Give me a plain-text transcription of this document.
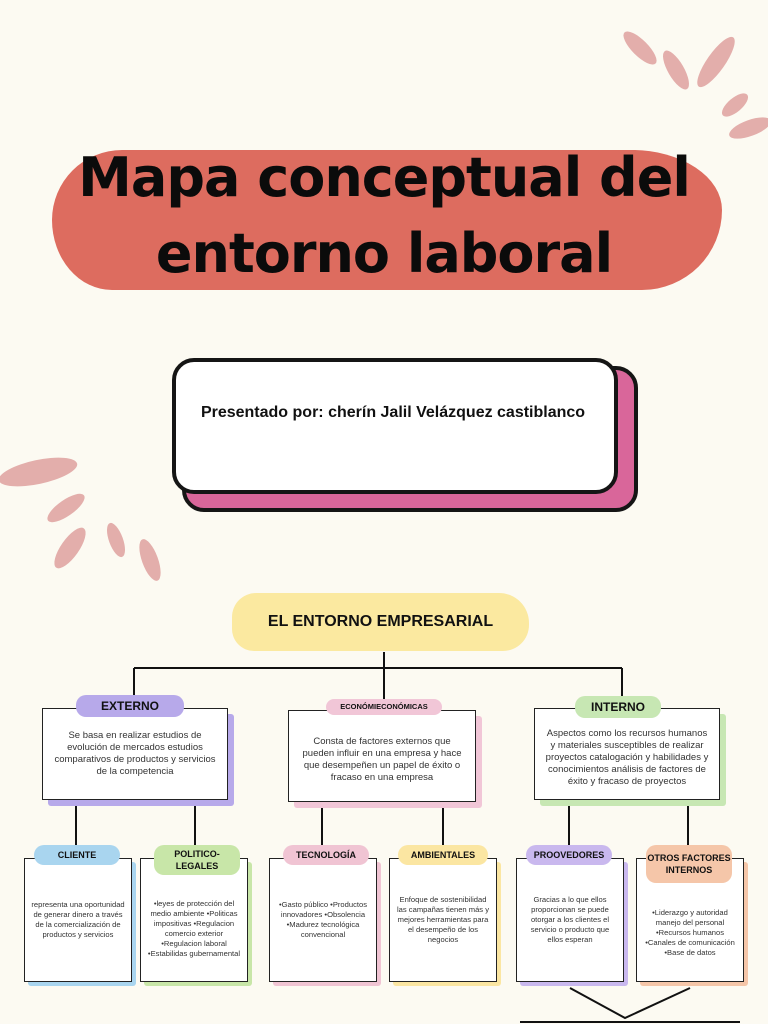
Mapa conceptual del
entorno laboral
Presentado por: cherín Jalil Velázquez castiblanco
EL ENTORNO EMPRESARIAL
Se basa en realizar estudios de evolución de mercados estudios comparativos de productos y servicios de la competencia
EXTERNO
Consta de factores externos que pueden influir en una empresa y hace que desempeñen un papel de éxito o fracaso en una empresa
ECONÓMIECONÓMICAS
Aspectos como los recursos humanos y materiales susceptibles de realizar proyectos catalogación y habilidades y conocimientos análisis de factores de éxito y fracaso de proyectos
INTERNO
representa una oportunidad de generar dinero a través de la comercialización de productos y servicios
CLIENTE
•leyes de protección del medio ambiente •Politicas impositivas •Regulacion comercio exterior •Regulacion laboral •Estabilidas gubernamental
POLITICO-LEGALES
•Gasto público •Productos innovadores •Obsolencia •Madurez tecnológica convencional
TECNOLOGÍA
Enfoque de sostenibilidad las campañas tienen más y mejores herramientas para el desempeño de los negocios
AMBIENTALES
Gracias a lo que ellos proporcionan se puede otorgar a los clientes el servicio o producto que ellos esperan
PROOVEDORES
•Liderazgo y autoridad manejo del personal •Recursos humanos •Canales de comunicación •Base de datos
OTROS FACTORES INTERNOS
